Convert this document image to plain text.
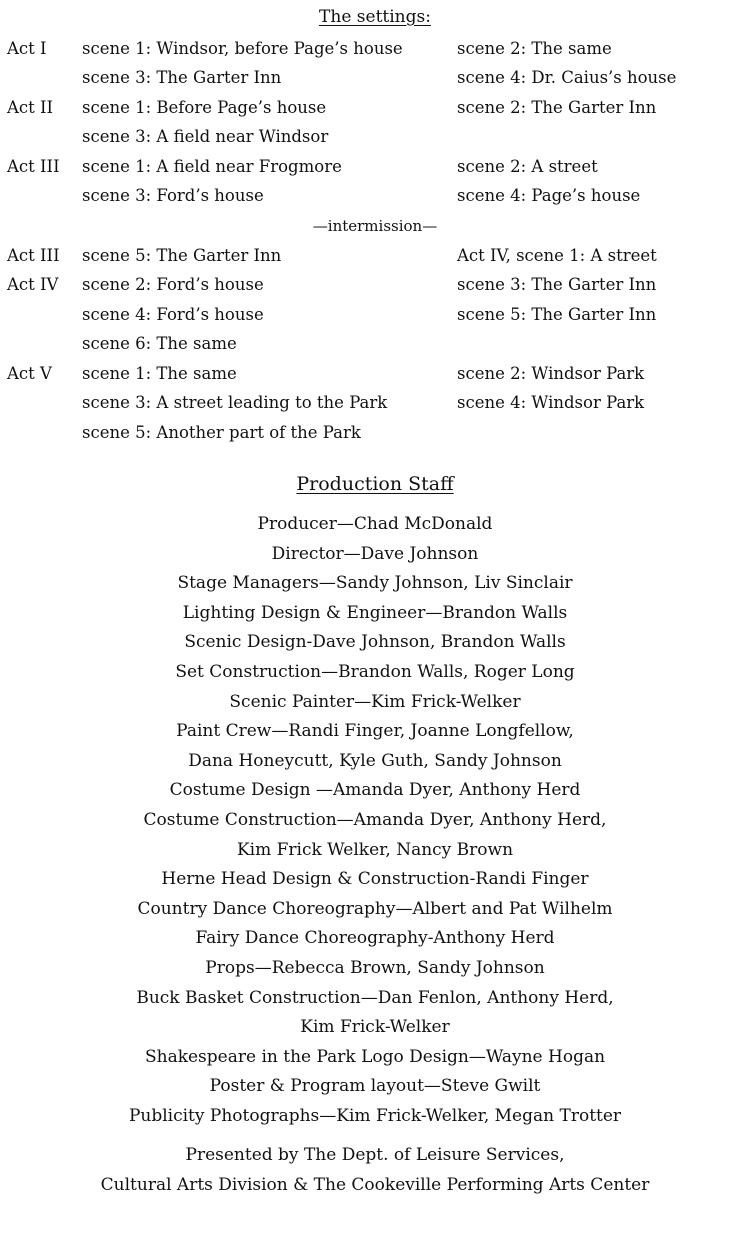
The settings:
Act I scene 1: Windsor, before Page’s house	scene 2: The same
scene 3: The Garter Inn	scene 4: Dr. Caius’s house
Act II scene 1: Before Page’s house	scene 2: The Garter Inn
scene 3: A field near Windsor
Act III scene 1: A field near Frogmore	scene 2: A street
scene 3: Ford’s house	scene 4: Page’s house
—intermission—
Act III scene 5: The Garter Inn	Act IV, scene 1: A street
Act IV scene 2: Ford’s house	scene 3: The Garter Inn
scene 4: Ford’s house	scene 5: The Garter Inn
scene 6: The same
Act V scene 1: The same	scene 2: Windsor Park
scene 3: A street leading to the Park	scene 4: Windsor Park
scene 5: Another part of the Park
Production Staff
Producer—Chad McDonald
Director—Dave Johnson
Stage Managers—Sandy Johnson, Liv Sinclair
Lighting Design & Engineer—Brandon Walls
Scenic Design-Dave Johnson, Brandon Walls
Set Construction—Brandon Walls, Roger Long
Scenic Painter—Kim Frick-Welker
Paint Crew—Randi Finger, Joanne Longfellow,
Dana Honeycutt, Kyle Guth, Sandy Johnson
Costume Design —Amanda Dyer, Anthony Herd
Costume Construction—Amanda Dyer, Anthony Herd,
Kim Frick Welker, Nancy Brown
Herne Head Design & Construction-Randi Finger
Country Dance Choreography—Albert and Pat Wilhelm
Fairy Dance Choreography-Anthony Herd
Props—Rebecca Brown, Sandy Johnson
Buck Basket Construction—Dan Fenlon, Anthony Herd,
Kim Frick-Welker
Shakespeare in the Park Logo Design—Wayne Hogan
Poster & Program layout—Steve Gwilt
Publicity Photographs—Kim Frick-Welker, Megan Trotter
Presented by The Dept. of Leisure Services,
Cultural Arts Division & The Cookeville Performing Arts Center
